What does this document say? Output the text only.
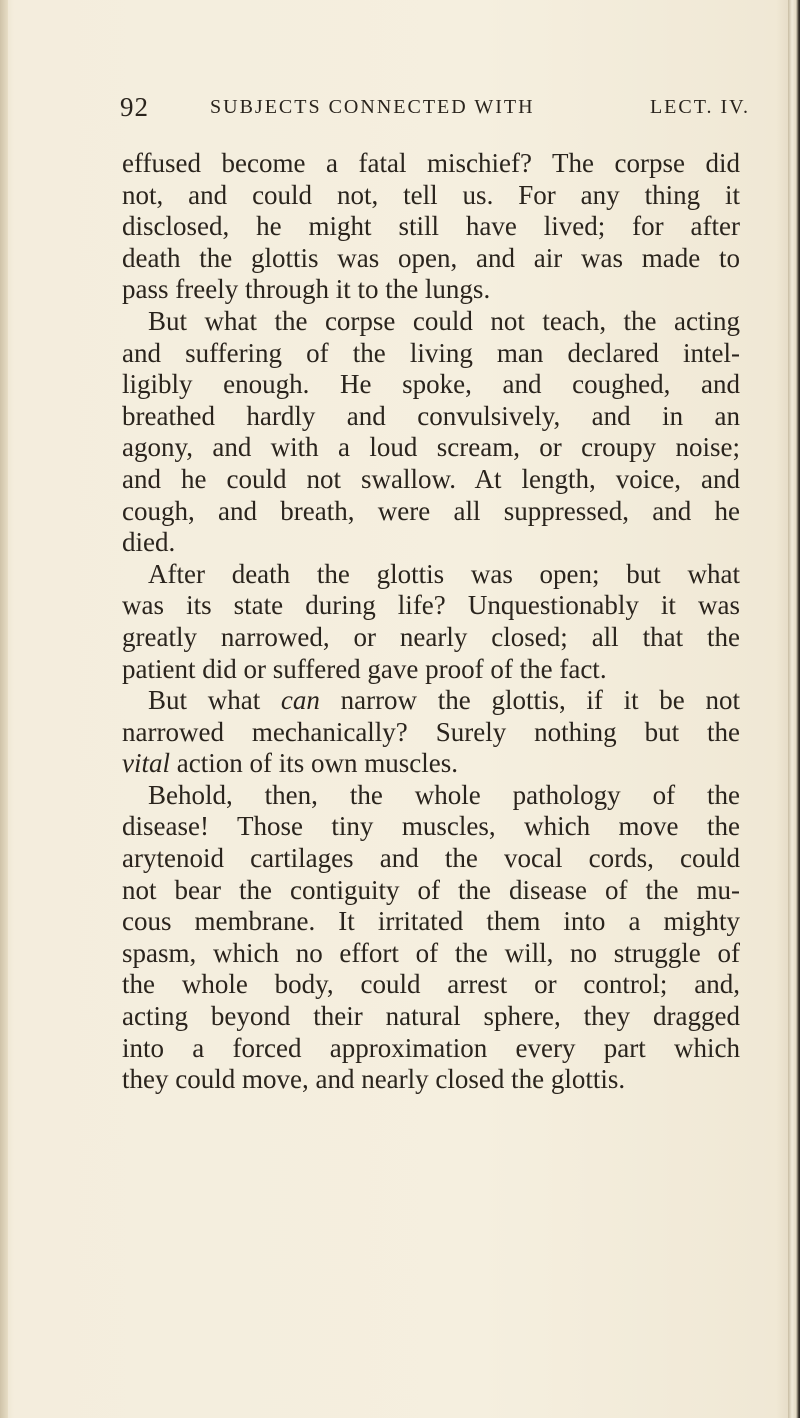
92	SUBJECTS CONNECTED WITH	LECT. IV.
effused become a fatal mischief? The corpse did
not, and could not, tell us. For any thing it
disclosed, he might still have lived; for after
death the glottis was open, and air was made to
pass freely through it to the lungs.
But what the corpse could not teach, the acting
and suffering of the living man declared intel-
ligibly enough. He spoke, and coughed, and
breathed hardly and convulsively, and in an
agony, and with a loud scream, or croupy noise;
and he could not swallow. At length, voice, and
cough, and breath, were all suppressed, and he
died.
After death the glottis was open; but what
was its state during life? Unquestionably it was
greatly narrowed, or nearly closed; all that the
patient did or suffered gave proof of the fact.
But what can narrow the glottis, if it be not
narrowed mechanically? Surely nothing but the
vital action of its own muscles.
Behold, then, the whole pathology of the
disease! Those tiny muscles, which move the
arytenoid cartilages and the vocal cords, could
not bear the contiguity of the disease of the mu-
cous membrane. It irritated them into a mighty
spasm, which no effort of the will, no struggle of
the whole body, could arrest or control; and,
acting beyond their natural sphere, they dragged
into a forced approximation every part which
they could move, and nearly closed the glottis.
